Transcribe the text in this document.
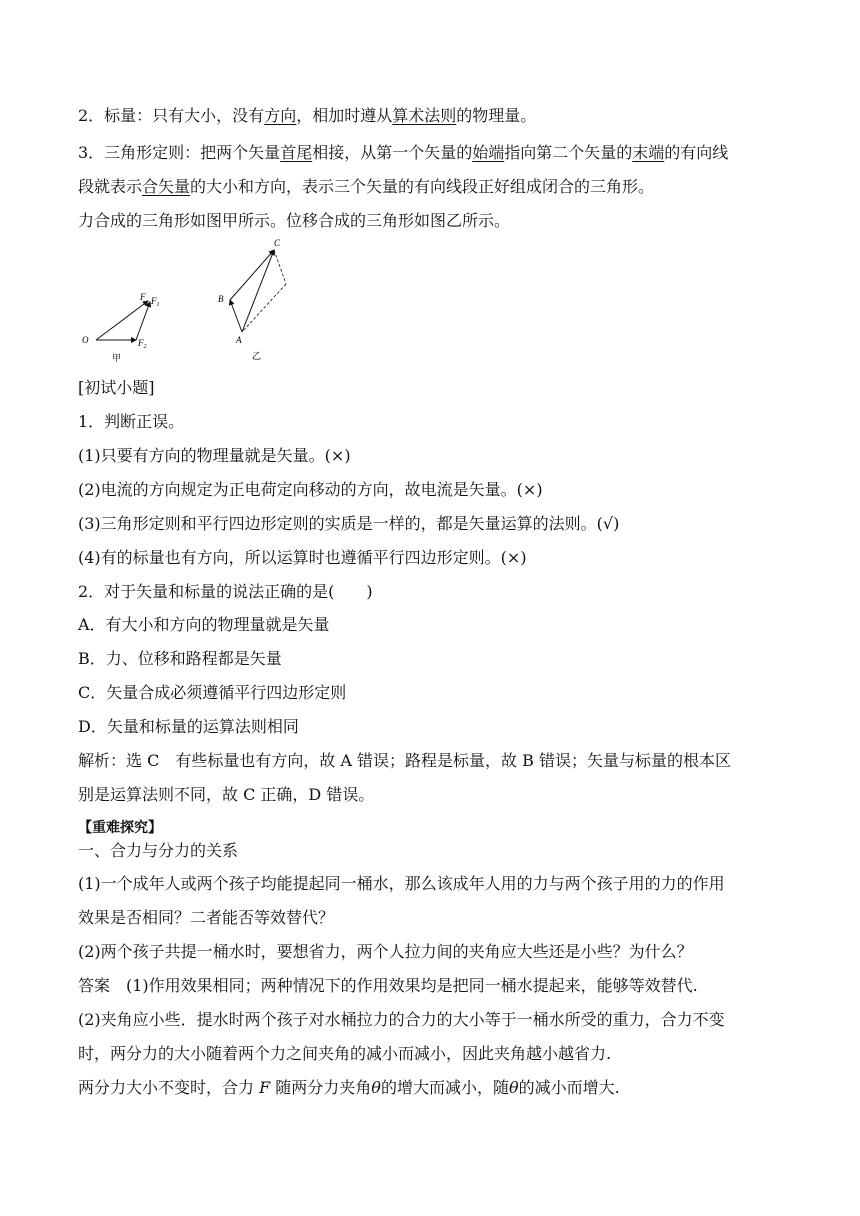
2．标量：只有大小，没有方向，相加时遵从算术法则的物理量。
3．三角形定则：把两个矢量首尾相接，从第一个矢量的始端指向第二个矢量的末端的有向线
段就表示合矢量的大小和方向，表示三个矢量的有向线段正好组成闭合的三角形。
力合成的三角形如图甲所示。位移合成的三角形如图乙所示。
O
F $F_1$
$F_2$
甲
C
B
A
乙
[初试小题]
1．判断正误。
(1)只要有方向的物理量就是矢量。(×)
(2)电流的方向规定为正电荷定向移动的方向，故电流是矢量。(×)
(3)三角形定则和平行四边形定则的实质是一样的，都是矢量运算的法则。(√)
(4)有的标量也有方向，所以运算时也遵循平行四边形定则。(×)
2．对于矢量和标量的说法正确的是(　　)
A．有大小和方向的物理量就是矢量
B．力、位移和路程都是矢量
C．矢量合成必须遵循平行四边形定则
D．矢量和标量的运算法则相同
解析：选 C　有些标量也有方向，故 A 错误；路程是标量，故 B 错误；矢量与标量的根本区
别是运算法则不同，故 C 正确，D 错误。
【重难探究】
一、合力与分力的关系
(1)一个成年人或两个孩子均能提起同一桶水，那么该成年人用的力与两个孩子用的力的作用
效果是否相同？二者能否等效替代？
(2)两个孩子共提一桶水时，要想省力，两个人拉力间的夹角应大些还是小些？为什么？
答案　(1)作用效果相同；两种情况下的作用效果均是把同一桶水提起来，能够等效替代.
(2)夹角应小些．提水时两个孩子对水桶拉力的合力的大小等于一桶水所受的重力，合力不变
时，两分力的大小随着两个力之间夹角的减小而减小，因此夹角越小越省力.
两分力大小不变时，合力 F 随两分力夹角θ的增大而减小，随θ的减小而增大.
